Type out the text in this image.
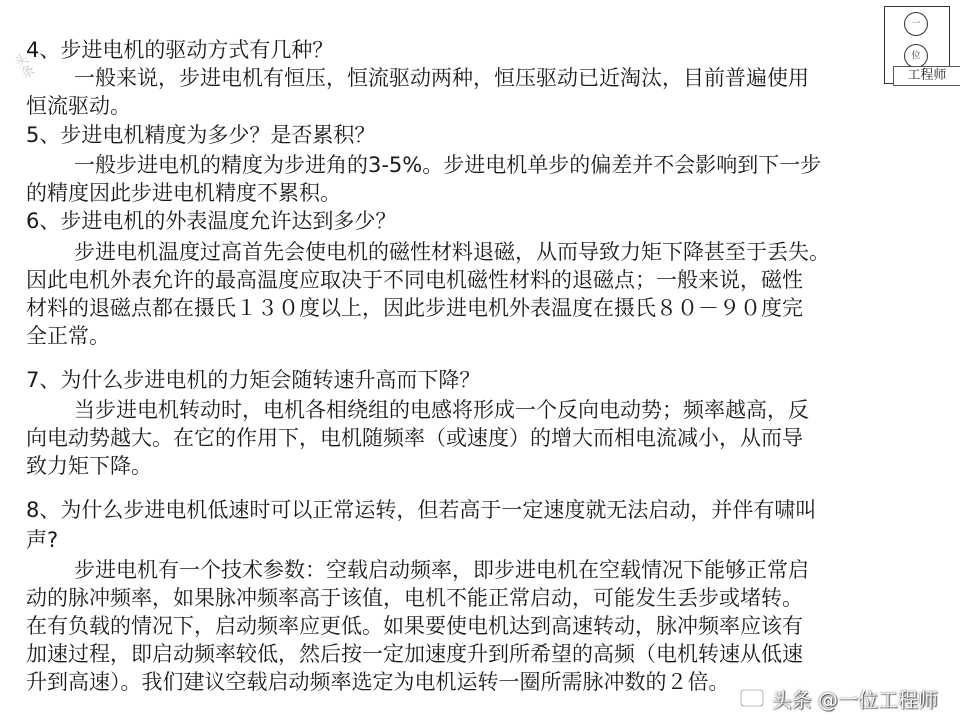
头条
一
位
工程师
4、步进电机的驱动方式有几种？
一般来说，步进电机有恒压，恒流驱动两种，恒压驱动已近淘汰，目前普遍使用
恒流驱动。
5、步进电机精度为多少？是否累积？
一般步进电机的精度为步进角的3-5%。步进电机单步的偏差并不会影响到下一步
的精度因此步进电机精度不累积。
6、步进电机的外表温度允许达到多少？
步进电机温度过高首先会使电机的磁性材料退磁，从而导致力矩下降甚至于丢失。
因此电机外表允许的最高温度应取决于不同电机磁性材料的退磁点；一般来说，磁性
材料的退磁点都在摄氏１３０度以上，因此步进电机外表温度在摄氏８０－９０度完
全正常。
7、为什么步进电机的力矩会随转速升高而下降？
当步进电机转动时，电机各相绕组的电感将形成一个反向电动势；频率越高，反
向电动势越大。在它的作用下，电机随频率（或速度）的增大而相电流减小，从而导
致力矩下降。
8、为什么步进电机低速时可以正常运转，但若高于一定速度就无法启动，并伴有啸叫
声?
步进电机有一个技术参数：空载启动频率，即步进电机在空载情况下能够正常启
动的脉冲频率，如果脉冲频率高于该值，电机不能正常启动，可能发生丢步或堵转。
在有负载的情况下，启动频率应更低。如果要使电机达到高速转动，脉冲频率应该有
加速过程，即启动频率较低，然后按一定加速度升到所希望的高频（电机转速从低速
升到高速）。我们建议空载启动频率选定为电机运转一圈所需脉冲数的２倍。
头条 @一位工程师
